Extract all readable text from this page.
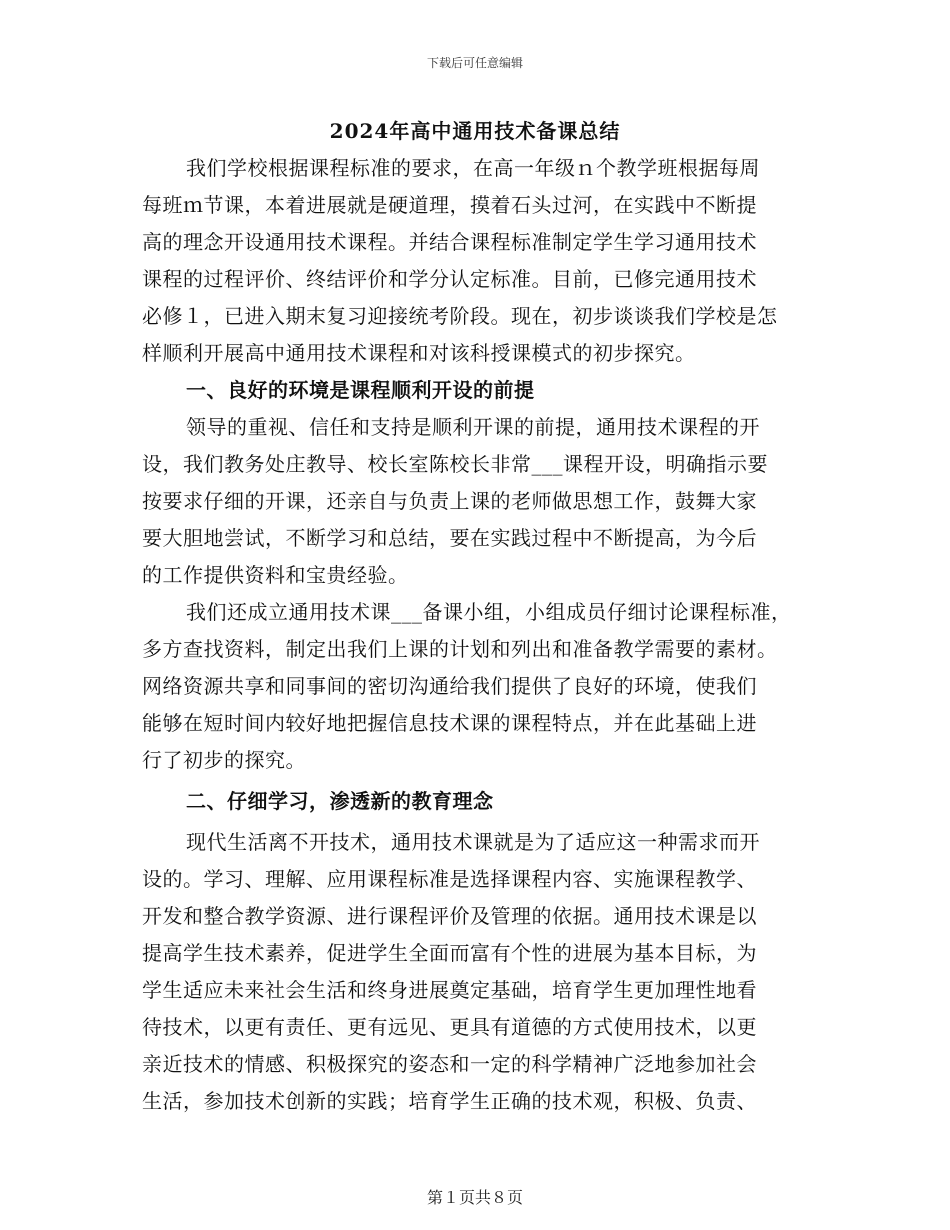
下载后可任意编辑
2024年高中通用技术备课总结
我们学校根据课程标准的要求，在高一年级ｎ个教学班根据每周
每班ｍ节课，本着进展就是硬道理，摸着石头过河，在实践中不断提
高的理念开设通用技术课程。并结合课程标准制定学生学习通用技术
课程的过程评价、终结评价和学分认定标准。目前，已修完通用技术
必修１，已进入期末复习迎接统考阶段。现在，初步谈谈我们学校是怎
样顺利开展高中通用技术课程和对该科授课模式的初步探究。
一、良好的环境是课程顺利开设的前提
领导的重视、信任和支持是顺利开课的前提，通用技术课程的开
设，我们教务处庄教导、校长室陈校长非常___课程开设，明确指示要
按要求仔细的开课，还亲自与负责上课的老师做思想工作，鼓舞大家
要大胆地尝试，不断学习和总结，要在实践过程中不断提高，为今后
的工作提供资料和宝贵经验。
我们还成立通用技术课___备课小组，小组成员仔细讨论课程标准，
多方查找资料，制定出我们上课的计划和列出和准备教学需要的素材。
网络资源共享和同事间的密切沟通给我们提供了良好的环境，使我们
能够在短时间内较好地把握信息技术课的课程特点，并在此基础上进
行了初步的探究。
二、仔细学习，渗透新的教育理念
现代生活离不开技术，通用技术课就是为了适应这一种需求而开
设的。学习、理解、应用课程标准是选择课程内容、实施课程教学、
开发和整合教学资源、进行课程评价及管理的依据。通用技术课是以
提高学生技术素养，促进学生全面而富有个性的进展为基本目标，为
学生适应未来社会生活和终身进展奠定基础，培育学生更加理性地看
待技术，以更有责任、更有远见、更具有道德的方式使用技术，以更
亲近技术的情感、积极探究的姿态和一定的科学精神广泛地参加社会
生活，参加技术创新的实践；培育学生正确的技术观，积极、负责、
第１页共８页
